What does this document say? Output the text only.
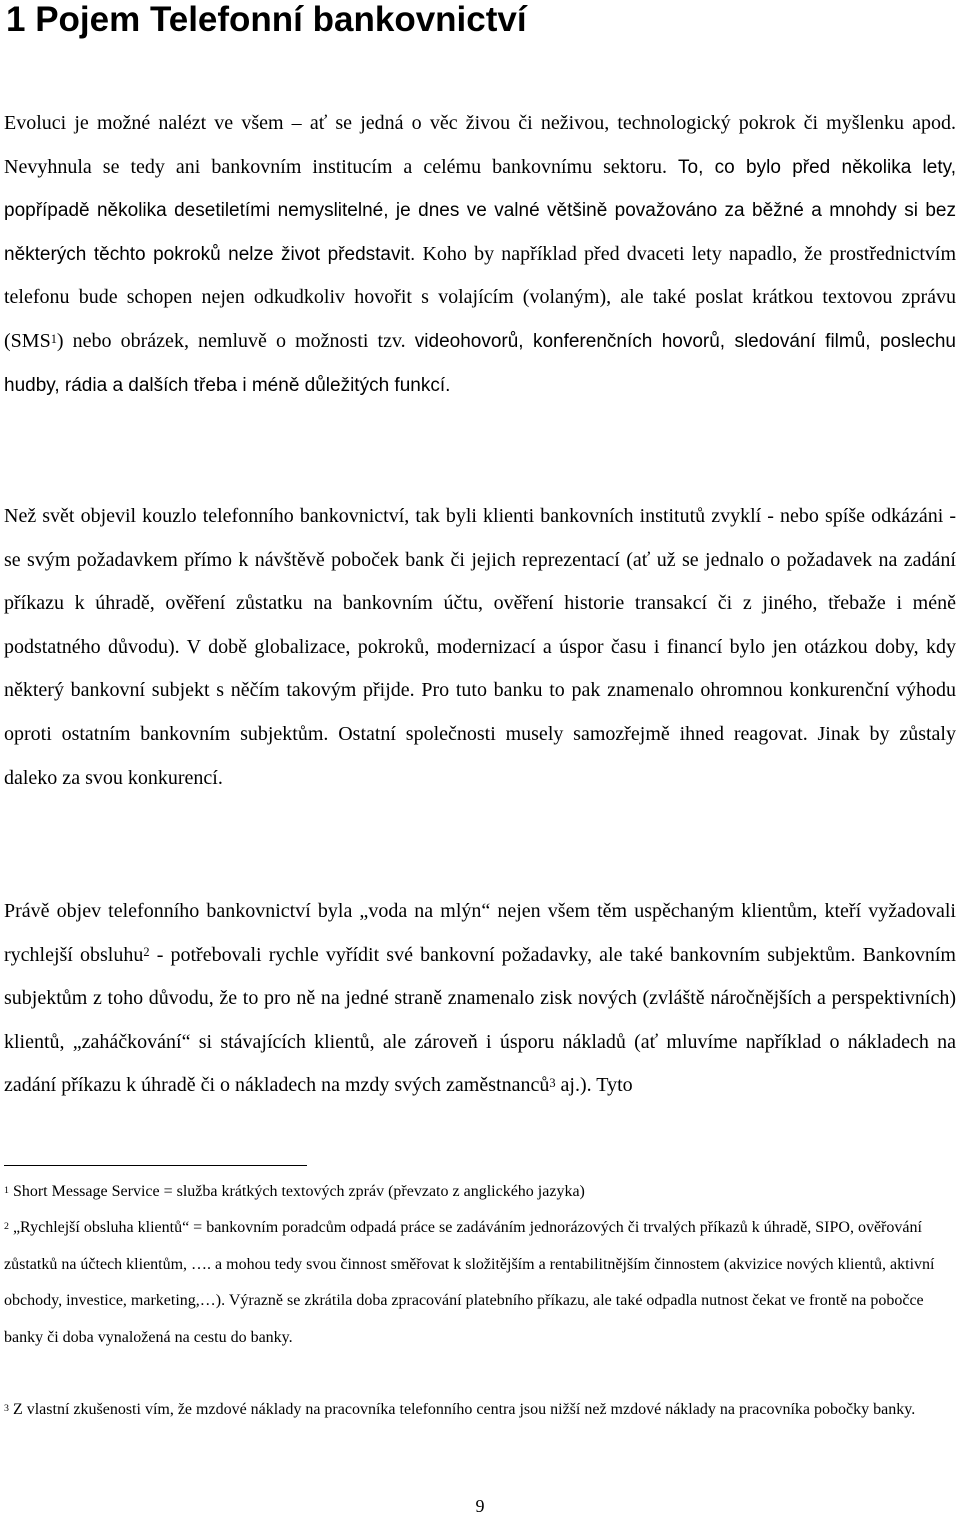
1 Pojem Telefonní bankovnictví

Evoluci je možné nalézt ve všem – ať se jedná o věc živou či neživou, technologický pokrok či myšlenku apod. Nevyhnula se tedy ani bankovním institucím a celému bankovnímu sektoru. To, co bylo před několika lety, popřípadě několika desetiletími nemyslitelné, je dnes ve valné většině považováno za běžné a mnohdy si bez některých těchto pokroků nelze život představit. Koho by například před dvaceti lety napadlo, že prostřednictvím telefonu bude schopen nejen odkudkoliv hovořit s volajícím (volaným), ale také poslat krátkou textovou zprávu (SMS$^1$) nebo obrázek, nemluvě o možnosti tzv. videohovorů, konferenčních hovorů, sledování filmů, poslechu hudby, rádia a dalších třeba i méně důležitých funkcí.

Než svět objevil kouzlo telefonního bankovnictví, tak byli klienti bankovních institutů zvyklí - nebo spíše odkázáni - se svým požadavkem přímo k návštěvě poboček bank či jejich reprezentací (ať už se jednalo o požadavek na zadání příkazu k úhradě, ověření zůstatku na bankovním účtu, ověření historie transakcí či z jiného, třebaže i méně podstatného důvodu). V době globalizace, pokroků, modernizací a úspor času i financí bylo jen otázkou doby, kdy některý bankovní subjekt s něčím takovým přijde. Pro tuto banku to pak znamenalo ohromnou konkurenční výhodu oproti ostatním bankovním subjektům. Ostatní společnosti musely samozřejmě ihned reagovat. Jinak by zůstaly daleko za svou konkurencí.

Právě objev telefonního bankovnictví byla „voda na mlýn“ nejen všem těm uspěchaným klientům, kteří vyžadovali rychlejší obsluhu$^2$ - potřebovali rychle vyřídit své bankovní požadavky, ale také bankovním subjektům. Bankovním subjektům z toho důvodu, že to pro ně na jedné straně znamenalo zisk nových (zvláště náročnějších a perspektivních) klientů, „zaháčkování“ si stávajících klientů, ale zároveň i úsporu nákladů (ať mluvíme například o nákladech na zadání příkazu k úhradě či o nákladech na mzdy svých zaměstnanců$^3$ aj.). Tyto

$^1$ Short Message Service = služba krátkých textových zpráv (převzato z anglického jazyka)

$^2$ „Rychlejší obsluha klientů“ = bankovním poradcům odpadá práce se zadáváním jednorázových či trvalých příkazů k úhradě, SIPO, ověřování zůstatků na účtech klientům, …. a mohou tedy svou činnost směřovat k složitějším a rentabilitnějším činnostem (akvizice nových klientů, aktivní obchody, investice, marketing,…). Výrazně se zkrátila doba zpracování platebního příkazu, ale také odpadla nutnost čekat ve frontě na pobočce banky či doba vynaložená na cestu do banky.

$^3$ Z vlastní zkušenosti vím, že mzdové náklady na pracovníka telefonního centra jsou nižší než mzdové náklady na pracovníka pobočky banky.

9
